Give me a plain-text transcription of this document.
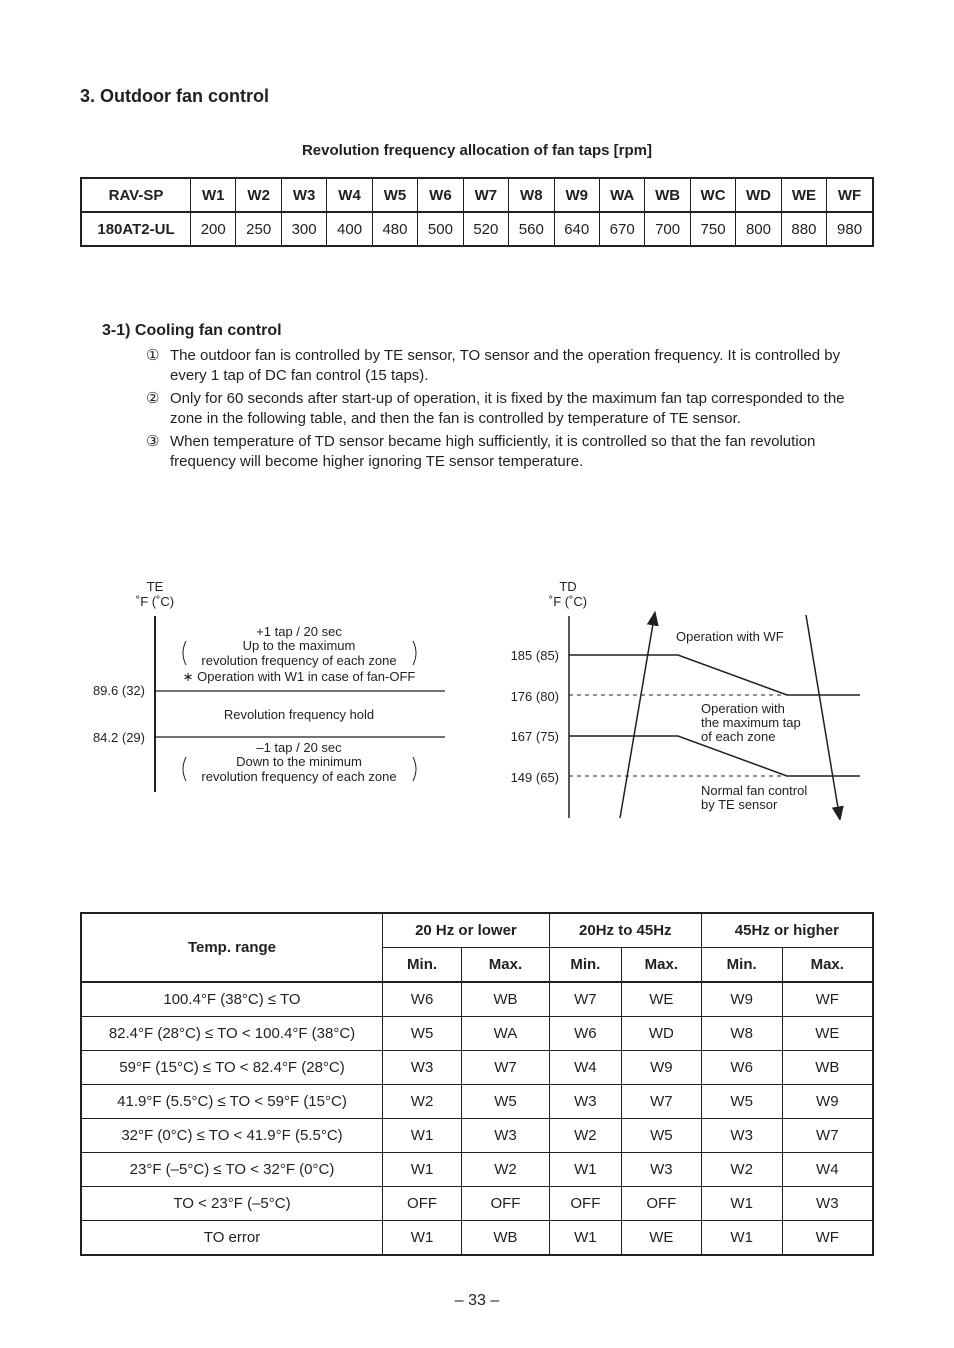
3. Outdoor fan control
Revolution frequency allocation of fan taps [rpm]
RAV-SP	W1	W2	W3	W4	W5	W6	W7	W8	W9	WA	WB	WC	WD	WE	WF
180AT2-UL	200	250	300	400	480	500	520	560	640	670	700	750	800	880	980
3-1) Cooling fan control
① The outdoor fan is controlled by TE sensor, TO sensor and the operation frequency. It is controlled by every 1 tap of DC fan control (15 taps).
② Only for 60 seconds after start-up of operation, it is fixed by the maximum fan tap corresponded to the zone in the following table, and then the fan is controlled by temperature of TE sensor.
③ When temperature of TD sensor became high sufficiently, it is controlled so that the fan revolution frequency will become higher ignoring TE sensor temperature.
TE
˚F (˚C)
89.6 (32)
84.2 (29)
+1 tap / 20 sec
Up to the maximum
revolution frequency of each zone
∗ Operation with W1 in case of fan-OFF
Revolution frequency hold
–1 tap / 20 sec
Down to the minimum
revolution frequency of each zone
TD
˚F (˚C)
185 (85)
176 (80)
167 (75)
149 (65)
Operation with WF
Operation with
the maximum tap
of each zone
Normal fan control
by TE sensor
Temp. range	20 Hz or lower		20Hz to 45Hz		45Hz or higher	
	Min.	Max.	Min.	Max.	Min.	Max.
100.4°F (38°C) ≤ TO	W6	WB	W7	WE	W9	WF
82.4°F (28°C) ≤ TO < 100.4°F (38°C)	W5	WA	W6	WD	W8	WE
59°F (15°C) ≤ TO < 82.4°F (28°C)	W3	W7	W4	W9	W6	WB
41.9°F (5.5°C) ≤ TO < 59°F (15°C)	W2	W5	W3	W7	W5	W9
32°F (0°C) ≤ TO < 41.9°F (5.5°C)	W1	W3	W2	W5	W3	W7
23°F (–5°C) ≤ TO < 32°F (0°C)	W1	W2	W1	W3	W2	W4
TO < 23°F (–5°C)	OFF	OFF	OFF	OFF	W1	W3
TO error	W1	WB	W1	WE	W1	WF
– 33 –
